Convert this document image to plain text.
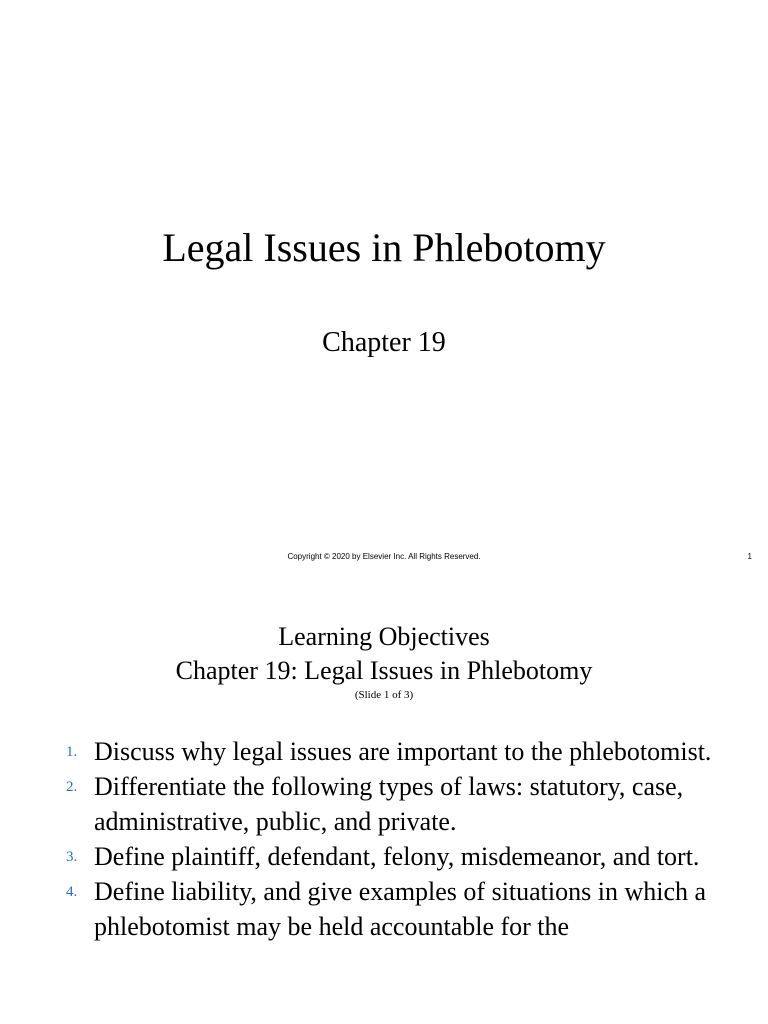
Legal Issues in Phlebotomy
Chapter 19
Copyright © 2020 by Elsevier Inc. All Rights Reserved.	1
Learning Objectives
Chapter 19: Legal Issues in Phlebotomy
(Slide 1 of 3)
1. Discuss why legal issues are important to the phlebotomist.
2. Differentiate the following types of laws: statutory, case, administrative, public, and private.
3. Define plaintiff, defendant, felony, misdemeanor, and tort.
4. Define liability, and give examples of situations in which a phlebotomist may be held accountable for the
